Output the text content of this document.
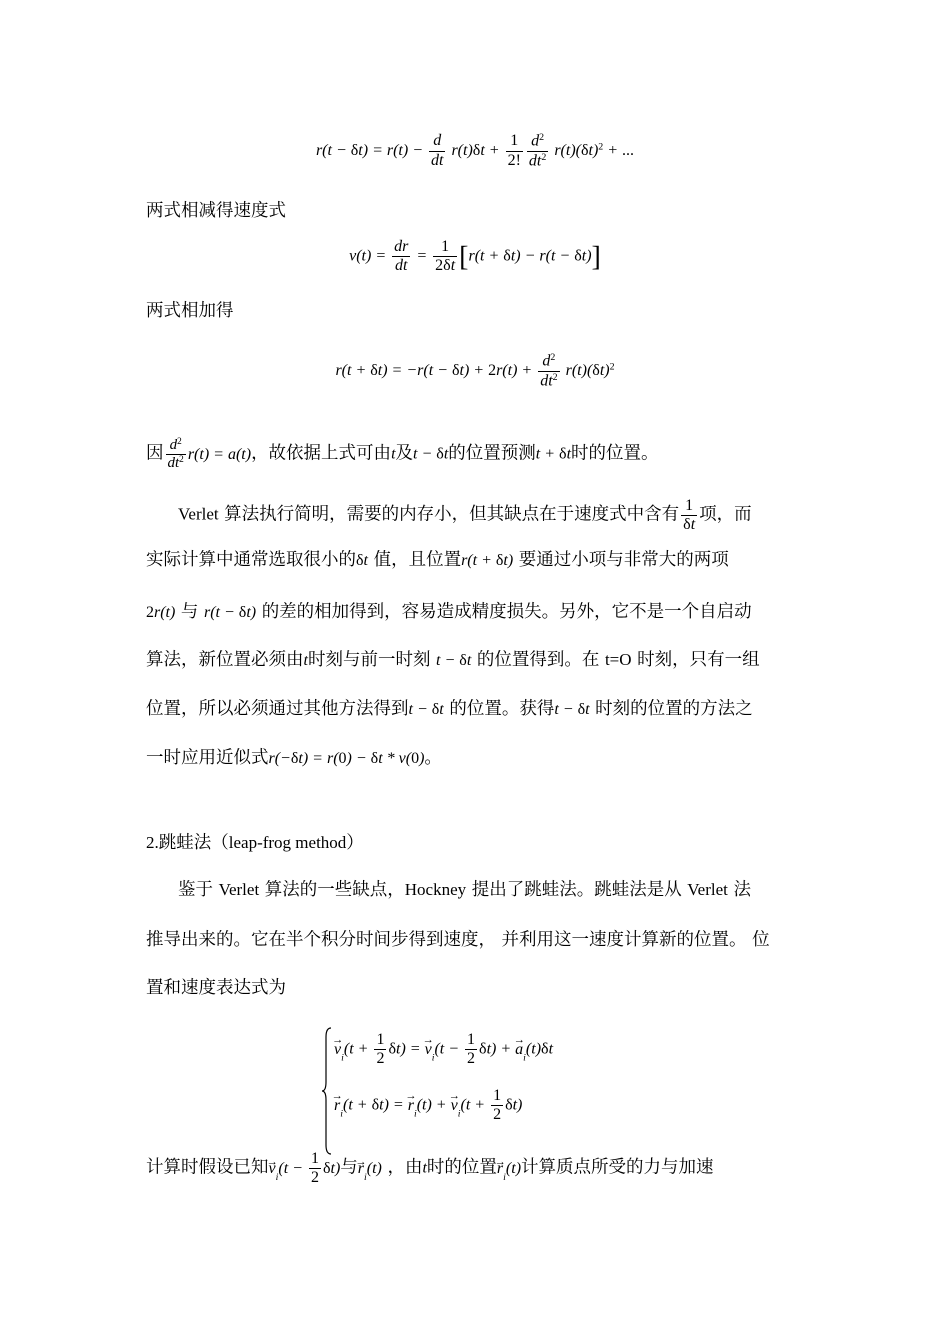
$r(t - \delta t) = r(t) - \frac{d}{dt} r(t)\delta t + \frac{1}{2!} \frac{d^2}{dt^2} r(t)(\delta t)^2$ + ...
两式相减得速度式
$v(t) = \frac{dr}{dt} = \frac{1}{2\delta t} [r(t + \delta t) - r(t - \delta t)]$
两式相加得
$r(t + \delta t) = -r(t - \delta t) + 2r(t) + \frac{d^2}{dt^2} r(t)(\delta t)^2$
因 $\frac{d^2}{dt^2} r(t) = a(t)$，故依据上式可由t及t − δt的位置预测t + δt时的位置。
Verlet 算法执行简明，需要的内存小，但其缺点在于速度式中含有 $\frac{1}{\delta t}$ 项，而
实际计算中通常选取很小的δt 值，且位置r(t + δt) 要通过小项与非常大的两项
2r(t) 与 r(t − δt) 的差的相加得到，容易造成精度损失。另外，它不是一个自启动
算法，新位置必须由t时刻与前一时刻 t − δt 的位置得到。在 t=O 时刻，只有一组
位置，所以必须通过其他方法得到t − δt 的位置。获得t − δt 时刻的位置的方法之
一时应用近似式r(−δt) = r(0) − δt * v(0)。
2.跳蛙法（leap-frog method）
鉴于 Verlet 算法的一些缺点，Hockney 提出了跳蛙法。跳蛙法是从 Verlet 法
推导出来的。它在半个积分时间步得到速度， 并利用这一速度计算新的位置。 位
置和速度表达式为
→ $v_i(t + \frac{1}{2} \delta t)$ = → $v_i(t - \frac{1}{2} \delta t)$ + → $a_i(t)\delta t$
→ $r_i(t + \delta t)$ = → $r_i(t)$ + → $v_i(t + \frac{1}{2} \delta t)$
计算时假设已知→ $v_i(t - \frac{1}{2} \delta t)$与→ $r_i(t)$ ，由t时的位置→ $r_i(t)$计算质点所受的力与加速
